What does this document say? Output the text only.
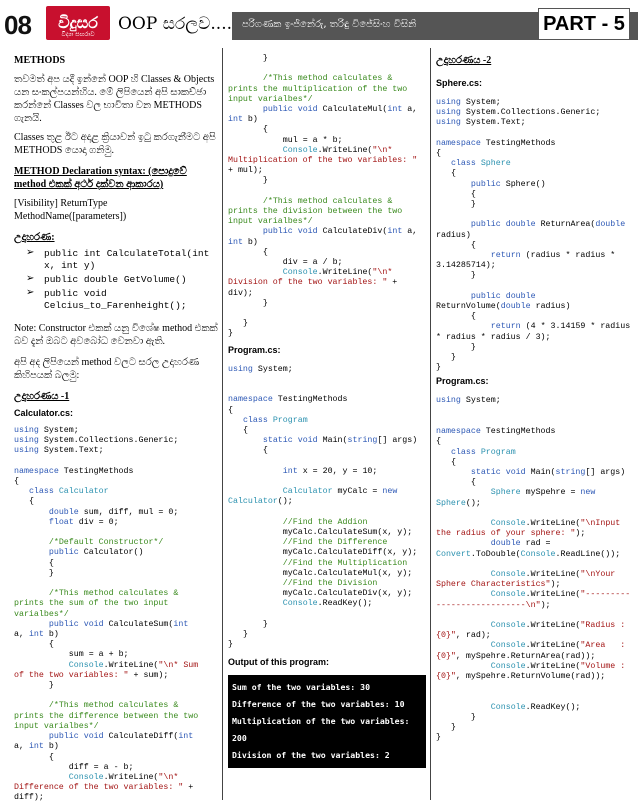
08 විදුසර
විද්‍යා සඟරාව
OOP සරලව.... පරිගණක ඉංජිනේරු, තරිඳු විජේසිංහ විසිනි	PART - 5

METHODS

තවමත් අප යදී ඉන්නේ OOP හි Classes & Objects යන සංකල්පයන්හිය. මේ ලිපියෙන් අපි සාකච්ඡා කරන්නේ Classes වල භාවිතා වන METHODS ගැනයි.

Classes තුළ ඊට අදාළ ක්‍රියාවන් ඉටු කරගැනීමට අපි METHODS යොදා ගනිමු.

METHOD Declaration syntax: (පොදුවේ method එකක් අර්ථ දක්වන ආකාරය)

[Visibility] ReturnType MethodName([parameters])

උදාහරණ:

➢ public int CalculateTotal(int x, int y)
➢ public double GetVolume()
➢ public void Celcius_to_Farenheight();

Note: Constructor එකක් යනු විශේෂ method එකක් බව දැන් ඔබට අවබෝධ වෙනවා ඇති.

අපි අද ලිපියෙන් method වලට සරල උදාහරණ කිහිපයක් බලමු:

උදාහරණය -1

Calculator.cs:

using System;
using System.Collections.Generic;
using System.Text;

namespace TestingMethods
{
class Calculator
{
double sum, diff, mul = 0;
float div = 0;

/*Default Constructor*/
public Calculator()
{
}

/*This method calculates &
prints the sum of the two input
varialbes*/
public void CalculateSum(int
a, int b)
{
sum = a + b;
Console.WriteLine("\n* Sum
of the two variables: " + sum);
}

/*This method calculates &
prints the difference between the two
input varialbes*/
public void CalculateDiff(int
a, int b)
{
diff = a - b;
Console.WriteLine("\n*
Difference of the two variables: " +
diff);
}

/*This method calculates &
prints the multiplication of the two
input varialbes*/
public void CalculateMul(int a,
int b)
{
mul = a * b;
Console.WriteLine("\n*
Multiplication of the two variables: "
+ mul);
}

/*This method calculates &
prints the division between the two
input varialbes*/
public void CalculateDiv(int a,
int b)
{
div = a / b;
Console.WriteLine("\n*
Division of the two variables: " +
div);
}

}
}

Program.cs:

using System;

namespace TestingMethods
{
class Program
{
static void Main(string[] args)
{

int x = 20, y = 10;

Calculator myCalc = new
Calculator();

//Find the Addion
myCalc.CalculateSum(x, y);
//Find the Difference
myCalc.CalculateDiff(x, y);
//Find the Multiplication
myCalc.CalculateMul(x, y);
//Find the Division
myCalc.CalculateDiv(x, y);
Console.ReadKey();

}
}
}

Output of this program:

Sum of the two variables: 30
Difference of the two variables: 10
Multiplication of the two variables: 200
Division of the two variables: 2

උදාහරණය -2

Sphere.cs:

using System;
using System.Collections.Generic;
using System.Text;

namespace TestingMethods
{
class Sphere
{
public Sphere()
{
}

public double ReturnArea(double
radius)
{
return (radius * radius *
3.14285714);
}

public double
ReturnVolume(double radius)
{
return (4 * 3.14159 * radius
* radius * radius / 3);
}
}
}

Program.cs:

using System;

namespace TestingMethods
{
class Program
{
static void Main(string[] args)
{
Sphere mySpehre = new
Sphere();

Console.WriteLine("\nInput
the radius of your sphere: ");
double rad =
Convert.ToDouble(Console.ReadLine());

Console.WriteLine("\nYour
Sphere Characteristics");
Console.WriteLine("---------
------------------\n");

Console.WriteLine("Radius :
{0}", rad);
Console.WriteLine("Area   :
{0}", mySpehre.ReturnArea(rad));
Console.WriteLine("Volume :
{0}", mySpehre.ReturnVolume(rad));

Console.ReadKey();
}
}
}
